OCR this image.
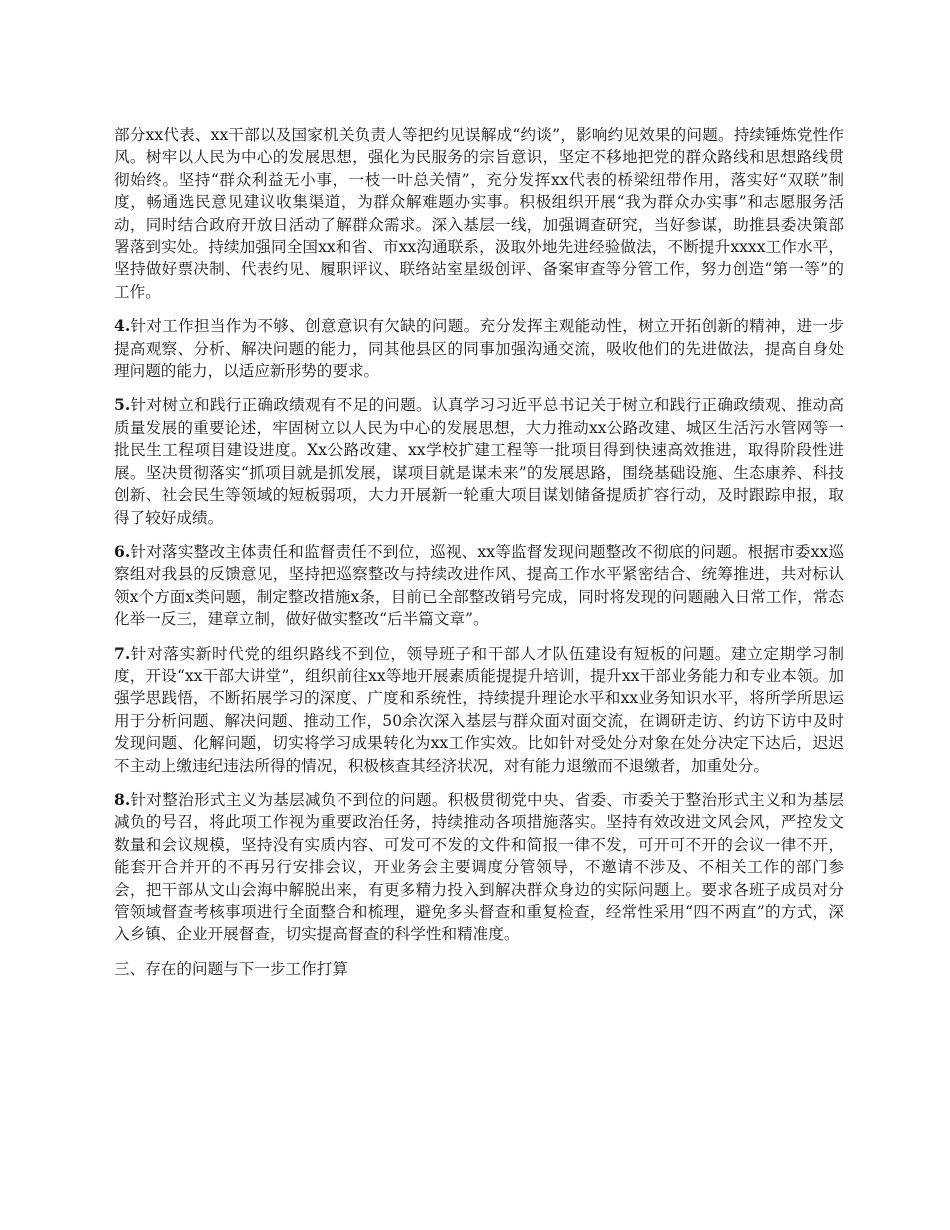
部分xx代表、xx干部以及国家机关负责人等把约见误解成“约谈”，影响约见效果的问题。持续锤炼党性作风。树牢以人民为中心的发展思想，强化为民服务的宗旨意识，坚定不移地把党的群众路线和思想路线贯彻始终。坚持“群众利益无小事，一枝一叶总关情”，充分发挥xx代表的桥梁纽带作用，落实好“双联”制度，畅通选民意见建议收集渠道，为群众解难题办实事。积极组织开展“我为群众办实事”和志愿服务活动，同时结合政府开放日活动了解群众需求。深入基层一线，加强调查研究，当好参谋，助推县委决策部署落到实处。持续加强同全国xx和省、市xx沟通联系，汲取外地先进经验做法，不断提升xxxx工作水平，坚持做好票决制、代表约见、履职评议、联络站室星级创评、备案审查等分管工作，努力创造“第一等”的工作。

4.针对工作担当作为不够、创意意识有欠缺的问题。充分发挥主观能动性，树立开拓创新的精神，进一步提高观察、分析、解决问题的能力，同其他县区的同事加强沟通交流，吸收他们的先进做法，提高自身处理问题的能力，以适应新形势的要求。

5.针对树立和践行正确政绩观有不足的问题。认真学习习近平总书记关于树立和践行正确政绩观、推动高质量发展的重要论述，牢固树立以人民为中心的发展思想，大力推动xx公路改建、城区生活污水管网等一批民生工程项目建设进度。Xx公路改建、xx学校扩建工程等一批项目得到快速高效推进，取得阶段性进展。坚决贯彻落实“抓项目就是抓发展，谋项目就是谋未来”的发展思路，围绕基础设施、生态康养、科技创新、社会民生等领域的短板弱项，大力开展新一轮重大项目谋划储备提质扩容行动，及时跟踪申报，取得了较好成绩。

6.针对落实整改主体责任和监督责任不到位，巡视、xx等监督发现问题整改不彻底的问题。根据市委xx巡察组对我县的反馈意见，坚持把巡察整改与持续改进作风、提高工作水平紧密结合、统筹推进，共对标认领x个方面x类问题，制定整改措施x条，目前已全部整改销号完成，同时将发现的问题融入日常工作，常态化举一反三，建章立制，做好做实整改“后半篇文章”。

7.针对落实新时代党的组织路线不到位，领导班子和干部人才队伍建设有短板的问题。建立定期学习制度，开设“xx干部大讲堂”，组织前往xx等地开展素质能提提升培训，提升xx干部业务能力和专业本领。加强学思践悟，不断拓展学习的深度、广度和系统性，持续提升理论水平和xx业务知识水平，将所学所思运用于分析问题、解决问题、推动工作，50余次深入基层与群众面对面交流，在调研走访、约访下访中及时发现问题、化解问题，切实将学习成果转化为xx工作实效。比如针对受处分对象在处分决定下达后，迟迟不主动上缴违纪违法所得的情况，积极核查其经济状况，对有能力退缴而不退缴者，加重处分。

8.针对整治形式主义为基层减负不到位的问题。积极贯彻党中央、省委、市委关于整治形式主义和为基层减负的号召，将此项工作视为重要政治任务，持续推动各项措施落实。坚持有效改进文风会风，严控发文数量和会议规模，坚持没有实质内容、可发可不发的文件和简报一律不发，可开可不开的会议一律不开，能套开合并开的不再另行安排会议，开业务会主要调度分管领导，不邀请不涉及、不相关工作的部门参会，把干部从文山会海中解脱出来，有更多精力投入到解决群众身边的实际问题上。要求各班子成员对分管领域督查考核事项进行全面整合和梳理，避免多头督查和重复检查，经常性采用“四不两直”的方式，深入乡镇、企业开展督查，切实提高督查的科学性和精准度。

三、存在的问题与下一步工作打算
